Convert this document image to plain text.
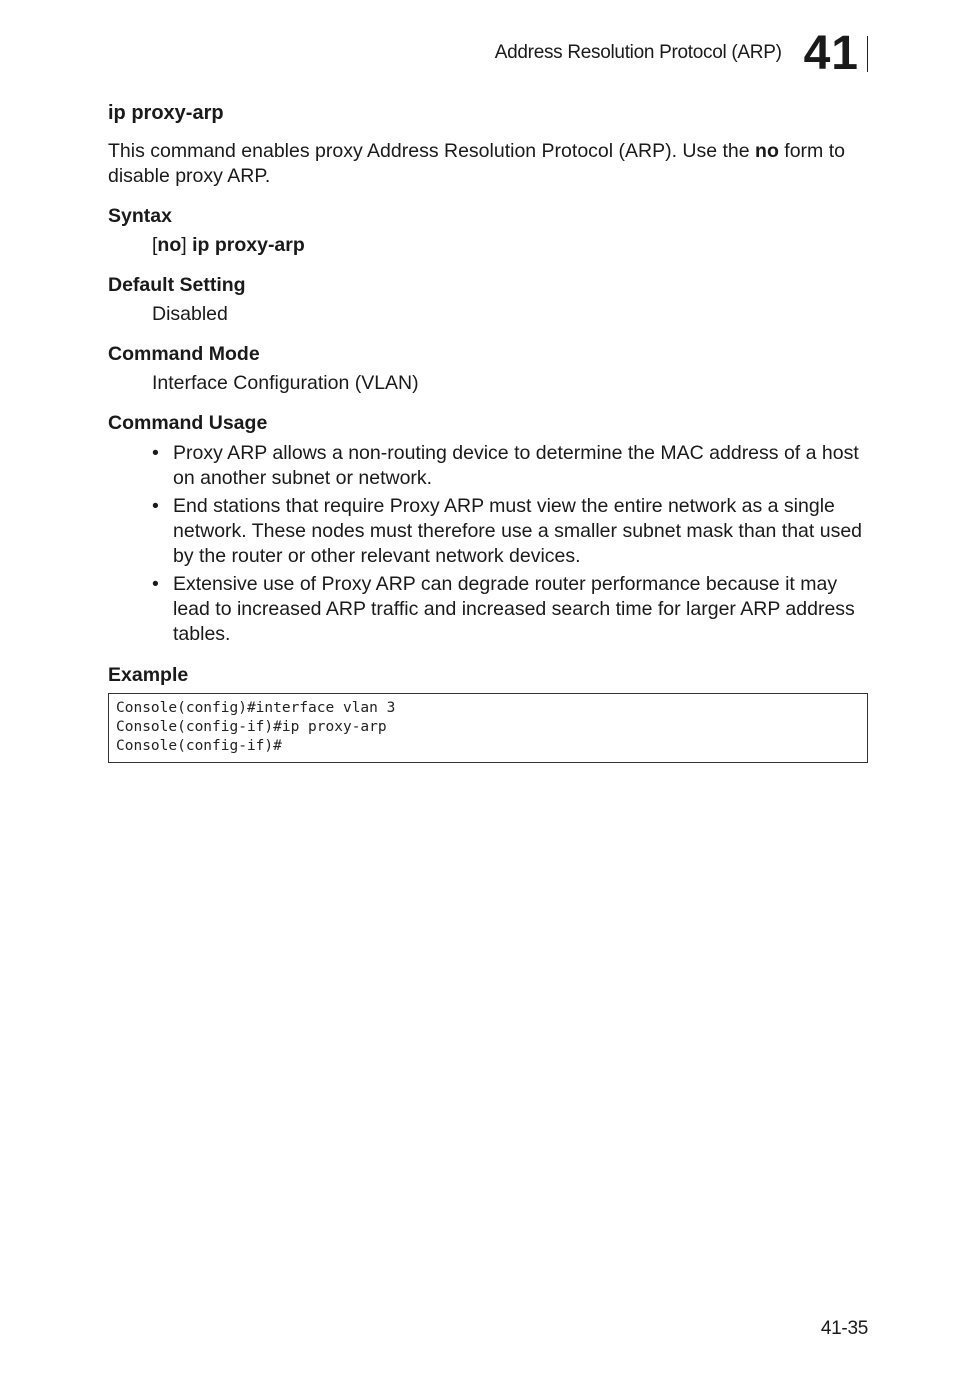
Address Resolution Protocol (ARP) 41
ip proxy-arp

This command enables proxy Address Resolution Protocol (ARP). Use the no form to disable proxy ARP.

Syntax
[no] ip proxy-arp
Default Setting
Disabled
Command Mode
Interface Configuration (VLAN)
Command Usage
• Proxy ARP allows a non-routing device to determine the MAC address of a host on another subnet or network.
• End stations that require Proxy ARP must view the entire network as a single network. These nodes must therefore use a smaller subnet mask than that used by the router or other relevant network devices.
• Extensive use of Proxy ARP can degrade router performance because it may lead to increased ARP traffic and increased search time for larger ARP address tables.
Example
Console(config)#interface vlan 3
Console(config-if)#ip proxy-arp
Console(config-if)#
41-35
